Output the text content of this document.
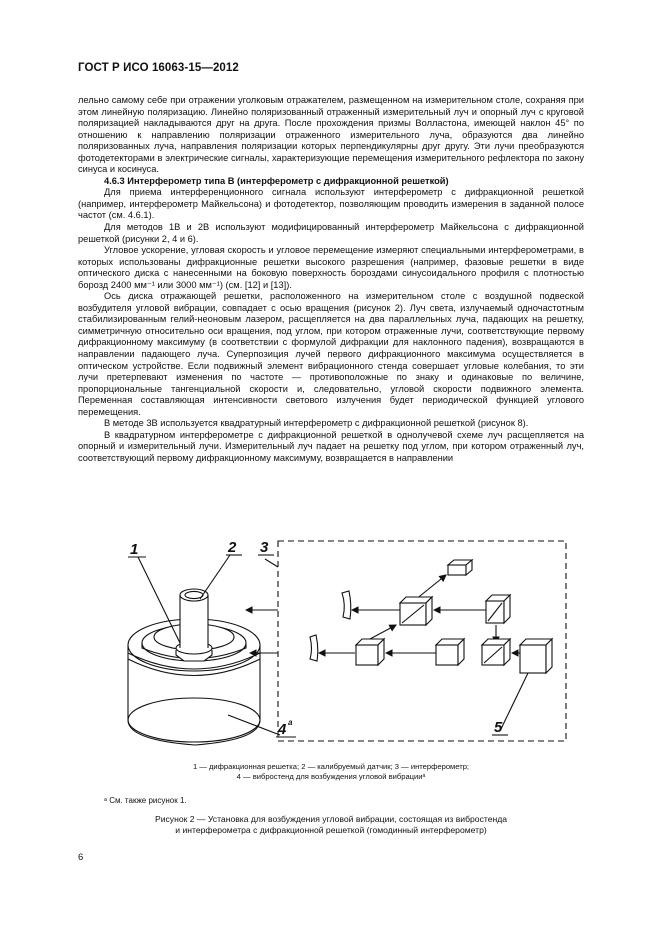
ГОСТ Р ИСО 16063-15—2012

лельно самому себе при отражении уголковым отражателем, размещенном на измерительном столе, сохраняя при этом линейную поляризацию. Линейно поляризованный отраженный измерительный луч и опорный луч с круговой поляризацией накладываются друг на друга. После прохождения призмы Волластона, имеющей наклон 45° по отношению к направлению поляризации отраженного измерительного луча, образуются два линейно поляризованных луча, направления поляризации которых перпендикулярны друг другу. Эти лучи преобразуются фотодетекторами в электрические сигналы, характеризующие перемещения измерительного рефлектора по закону синуса и косинуса.

4.6.3 Интерферометр типа B (интерферометр с дифракционной решеткой)

Для приема интерференционного сигнала используют интерферометр с дифракционной решеткой (например, интерферометр Майкельсона) и фотодетектор, позволяющим проводить измерения в заданной полосе частот (см. 4.6.1).

Для методов 1B и 2B используют модифицированный интерферометр Майкельсона с дифракционной решеткой (рисунки 2, 4 и 6).

Угловое ускорение, угловая скорость и угловое перемещение измеряют специальными интерферометрами, в которых использованы дифракционные решетки высокого разрешения (например, фазовые решетки в виде оптического диска с нанесенными на боковую поверхность бороздами синусоидального профиля с плотностью борозд 2400 мм⁻¹ или 3000 мм⁻¹) (см. [12] и [13]).

Ось диска отражающей решетки, расположенного на измерительном столе с воздушной подвеской возбудителя угловой вибрации, совпадает с осью вращения (рисунок 2). Луч света, излучаемый одночастотным стабилизированным гелий-неоновым лазером, расщепляется на два параллельных луча, падающих на решетку, симметричную относительно оси вращения, под углом, при котором отраженные лучи, соответствующие первому дифракционному максимуму (в соответствии с формулой дифракции для наклонного падения), возвращаются в направлении падающего луча. Суперпозиция лучей первого дифракционного максимума осуществляется в оптическом устройстве. Если подвижный элемент вибрационного стенда совершает угловые колебания, то эти лучи претерпевают изменения по частоте — противоположные по знаку и одинаковые по величине, пропорциональные тангенциальной скорости и, следовательно, угловой скорости подвижного элемента. Переменная составляющая интенсивности светового излучения будет периодической функцией углового перемещения.

В методе 3B используется квадратурный интерферометр с дифракционной решеткой (рисунок 8).

В квадратурном интерферометре с дифракционной решеткой в однолучевой схеме луч расщепляется на опорный и измерительный лучи. Измерительный луч падает на решетку под углом, при котором отраженный луч, соответствующий первому дифракционному максимуму, возвращается в направлении

1	2 3
4 a	5
1 — дифракционная решетка; 2 — калибруемый датчик; 3 — интерферометр;
4 — вибростенд для возбуждения угловой вибрацииᵃ
ᵃ См. также рисунок 1.
Рисунок 2 — Установка для возбуждения угловой вибрации, состоящая из вибростенда
и интерферометра с дифракционной решеткой (гомодинный интерферометр)
6
